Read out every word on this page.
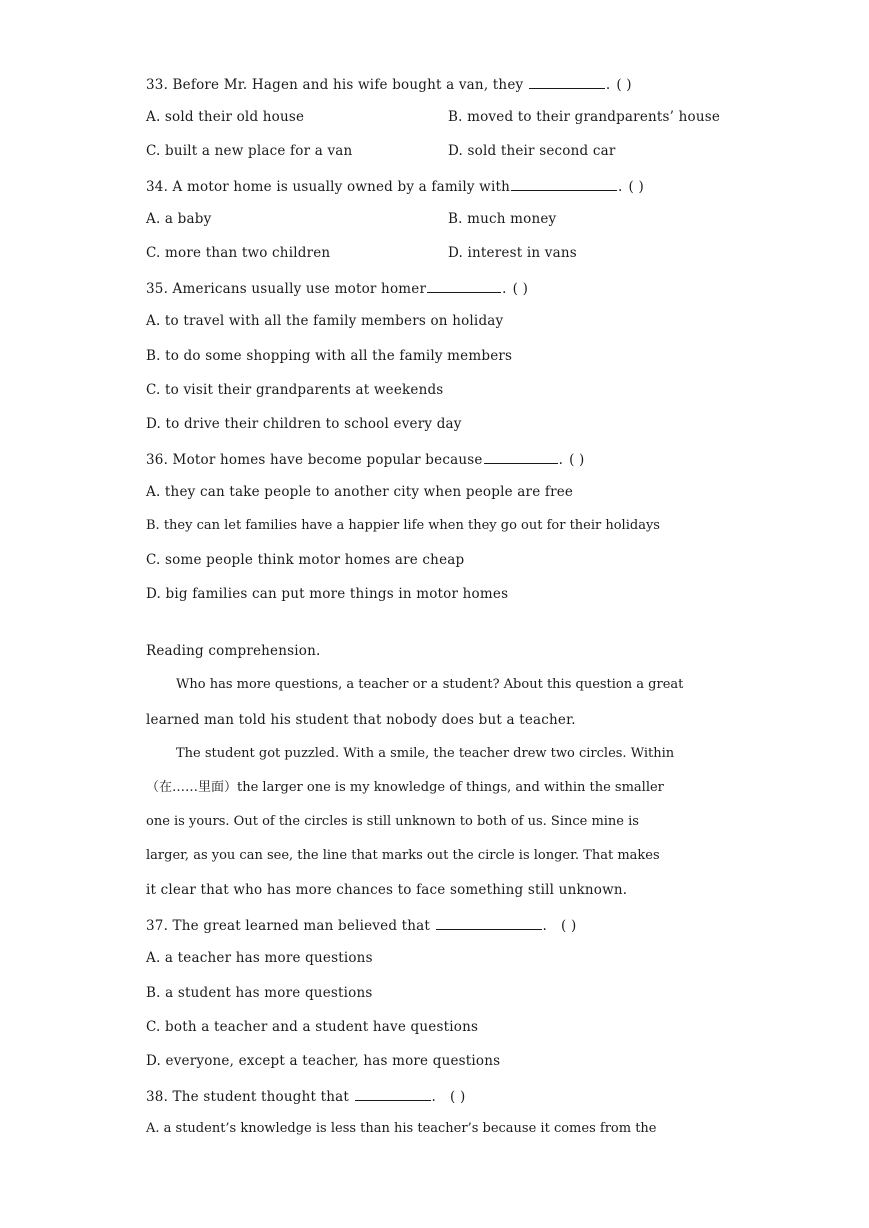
33. Before Mr. Hagen and his wife bought a van, they	. ( )
A. sold their old house	B. moved to their grandparents’ house
C. built a new place for a van	D. sold their second car
34. A motor home is usually owned by a family with	. ( )
A. a baby	B. much money
C. more than two children	D. interest in vans
35. Americans usually use motor homer	. ( )
A. to travel with all the family members on holiday
B. to do some shopping with all the family members
C. to visit their grandparents at weekends
D. to drive their children to school every day
36. Motor homes have become popular because	. ( )
A. they can take people to another city when people are free
B. they can let families have a happier life when they go out for their holidays
C. some people think motor homes are cheap
D. big families can put more things in motor homes
Reading comprehension.
Who has more questions, a teacher or a student? About this question a great
learned man told his student that nobody does but a teacher.
The student got puzzled. With a smile, the teacher drew two circles. Within
（在……里面）the larger one is my knowledge of things, and within the smaller
one is yours. Out of the circles is still unknown to both of us. Since mine is
larger, as you can see, the line that marks out the circle is longer. That makes
it clear that who has more chances to face something still unknown.
37. The great learned man believed that	. ( )
A. a teacher has more questions
B. a student has more questions
C. both a teacher and a student have questions
D. everyone, except a teacher, has more questions
38. The student thought that	. ( )
A. a student’s knowledge is less than his teacher’s because it comes from the
